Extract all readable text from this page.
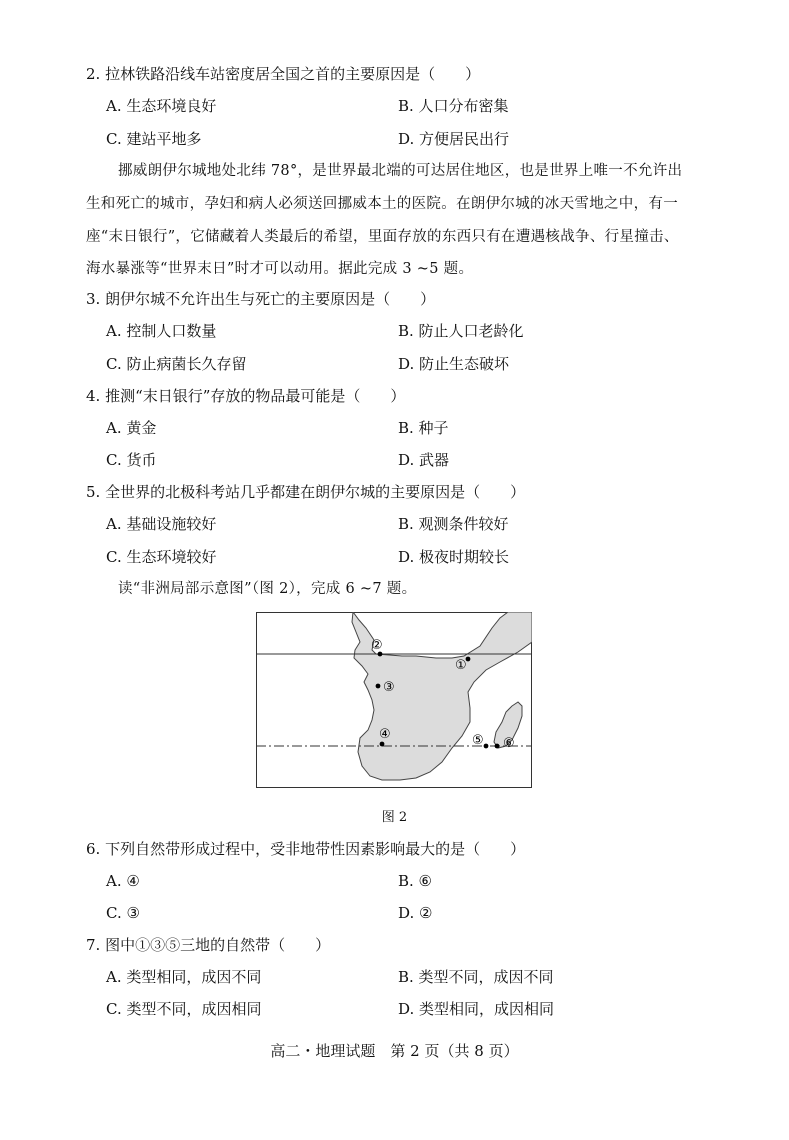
2. 拉林铁路沿线车站密度居全国之首的主要原因是（　　）
A. 生态环境良好	B. 人口分布密集
C. 建站平地多	D. 方便居民出行
挪威朗伊尔城地处北纬 78°，是世界最北端的可达居住地区，也是世界上唯一不允许出
生和死亡的城市，孕妇和病人必须送回挪威本土的医院。在朗伊尔城的冰天雪地之中，有一
座“末日银行”，它储藏着人类最后的希望，里面存放的东西只有在遭遇核战争、行星撞击、
海水暴涨等“世界末日”时才可以动用。据此完成 3 ~5 题。
3. 朗伊尔城不允许出生与死亡的主要原因是（　　）
A. 控制人口数量	B. 防止人口老龄化
C. 防止病菌长久存留	D. 防止生态破坏
4. 推测“末日银行”存放的物品最可能是（　　）
A. 黄金	B. 种子
C. 货币	D. 武器
5. 全世界的北极科考站几乎都建在朗伊尔城的主要原因是（　　）
A. 基础设施较好	B. 观测条件较好
C. 生态环境较好	D. 极夜时期较长
读“非洲局部示意图”（图 2），完成 6 ~7 题。
①
②
③
④	⑤ ⑥
图 2
6. 下列自然带形成过程中，受非地带性因素影响最大的是（　　）
A. ④	B. ⑥
C. ③	D. ②
7. 图中①③⑤三地的自然带（　　）
A. 类型相同，成因不同	B. 类型不同，成因不同
C. 类型不同，成因相同	D. 类型相同，成因相同
高二・地理试题　第 2 页（共 8 页）
